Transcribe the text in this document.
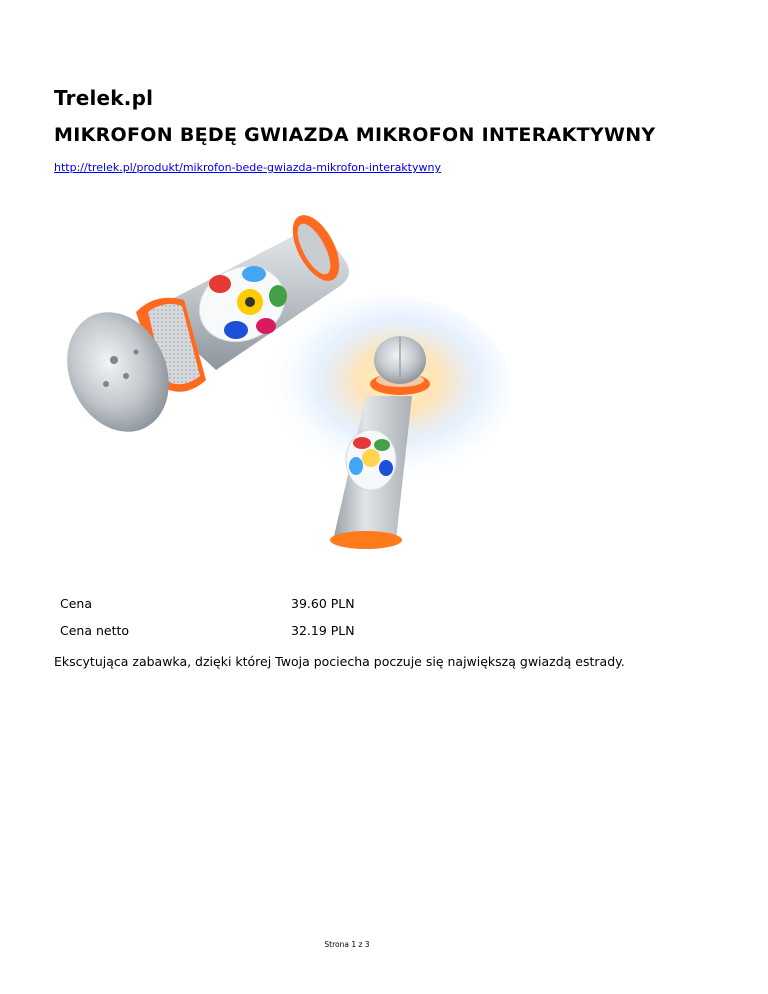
Trelek.pl
MIKROFON BĘDĘ GWIAZDA MIKROFON INTERAKTYWNY
http://trelek.pl/produkt/mikrofon-bede-gwiazda-mikrofon-interaktywny
Cena	39.60 PLN
Cena netto	32.19 PLN

Ekscytująca zabawka, dzięki której Twoja pociecha poczuje się największą gwiazdą estrady.

Strona 1 z 3
